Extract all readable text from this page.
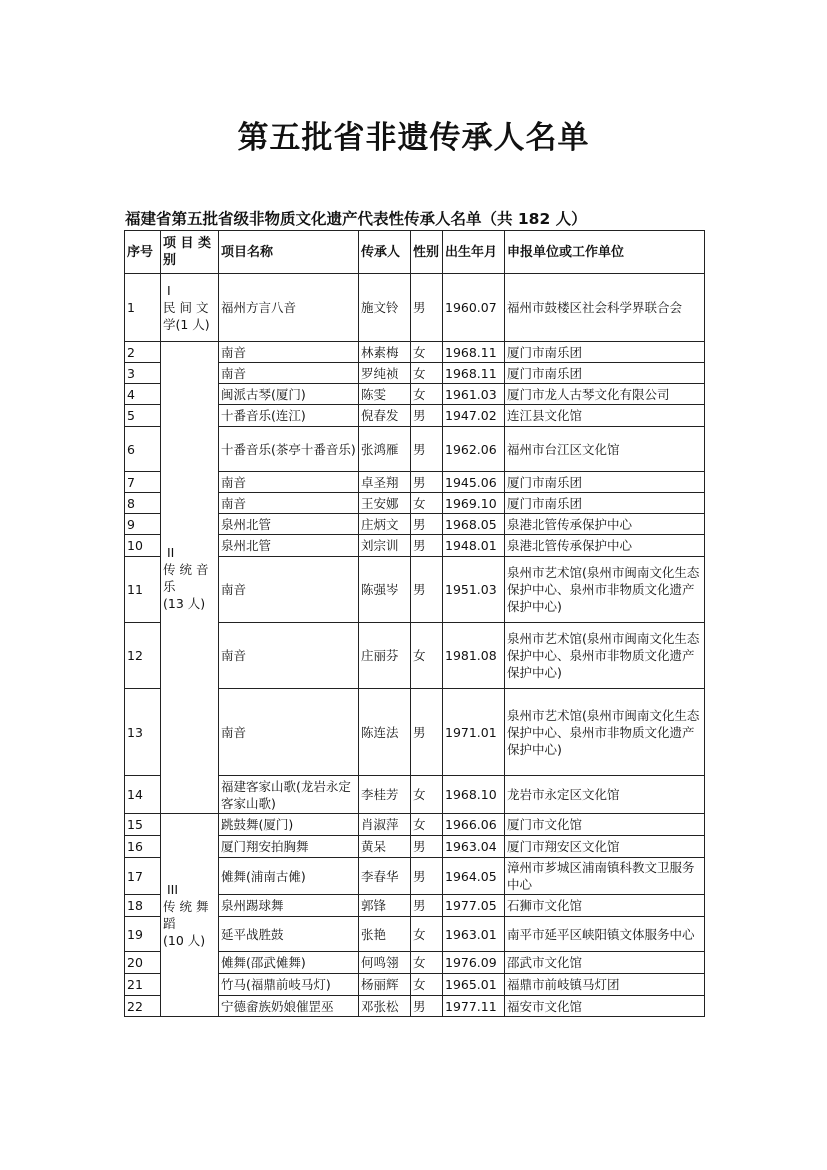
第五批省非遗传承人名单
福建省第五批省级非物质文化遗产代表性传承人名单（共 182 人）
序号	项 目 类别	项目名称	传承人	性别	出生年月	申报单位或工作单位
1	I
民 间 文
学(1 人)	福州方言八音	施文铃	男	1960.07	福州市鼓楼区社会科学界联合会
2	II
传 统 音
乐
(13 人)	南音	林素梅	女	1968.11	厦门市南乐团
3		南音	罗纯祯	女	1968.11	厦门市南乐团
4		闽派古琴(厦门)	陈雯	女	1961.03	厦门市龙人古琴文化有限公司
5		十番音乐(连江)	倪春发	男	1947.02	连江县文化馆
6		十番音乐(茶亭十番音乐)	张鸿雁	男	1962.06	福州市台江区文化馆
7		南音	卓圣翔	男	1945.06	厦门市南乐团
8		南音	王安娜	女	1969.10	厦门市南乐团
9		泉州北管	庄炳文	男	1968.05	泉港北管传承保护中心
10		泉州北管	刘宗训	男	1948.01	泉港北管传承保护中心
11		南音	陈强岑	男	1951.03	泉州市艺术馆(泉州市闽南文化生态保护中心、泉州市非物质文化遗产保护中心)
12		南音	庄丽芬	女	1981.08	泉州市艺术馆(泉州市闽南文化生态保护中心、泉州市非物质文化遗产保护中心)
13		南音	陈连法	男	1971.01	泉州市艺术馆(泉州市闽南文化生态保护中心、泉州市非物质文化遗产保护中心)
14		福建客家山歌(龙岩永定客家山歌)	李桂芳	女	1968.10	龙岩市永定区文化馆
15	III
传 统 舞
蹈
(10 人)	跳鼓舞(厦门)	肖淑萍	女	1966.06	厦门市文化馆
16		厦门翔安拍胸舞	黄呆	男	1963.04	厦门市翔安区文化馆
17		傩舞(浦南古傩)	李春华	男	1964.05	漳州市芗城区浦南镇科教文卫服务中心
18		泉州踢球舞	郭锋	男	1977.05	石狮市文化馆
19		延平战胜鼓	张艳	女	1963.01	南平市延平区峡阳镇文体服务中心
20		傩舞(邵武傩舞)	何鸣翎	女	1976.09	邵武市文化馆
21		竹马(福鼎前岐马灯)	杨丽辉	女	1965.01	福鼎市前岐镇马灯团
22		宁德畲族奶娘催罡巫	邓张松	男	1977.11	福安市文化馆
